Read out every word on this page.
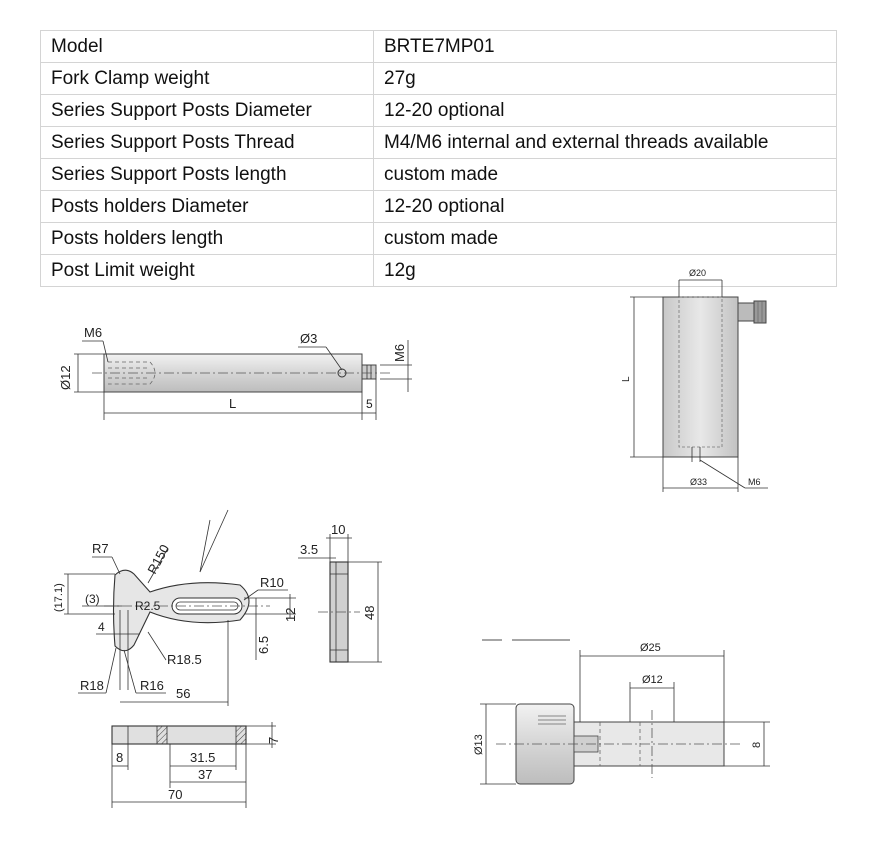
Model	BRTE7MP01
Fork Clamp weight	27g
Series Support Posts Diameter	12-20 optional
Series Support Posts Thread	M4/M6 internal and external threads available
Series Support Posts length	custom made
Posts holders Diameter	12-20 optional
Posts holders length	custom made
Post Limit weight	12g
M6
Ø12
Ø3
M6
L	5
Ø20
L
Ø33	M6
R150
R7
(17.1) (3)	R2.5
4
R18.5
R18	R16
56
R10
12
6.5
10
3.5
48
7
8	31.5
37
70
Ø25
Ø12
Ø13	8
